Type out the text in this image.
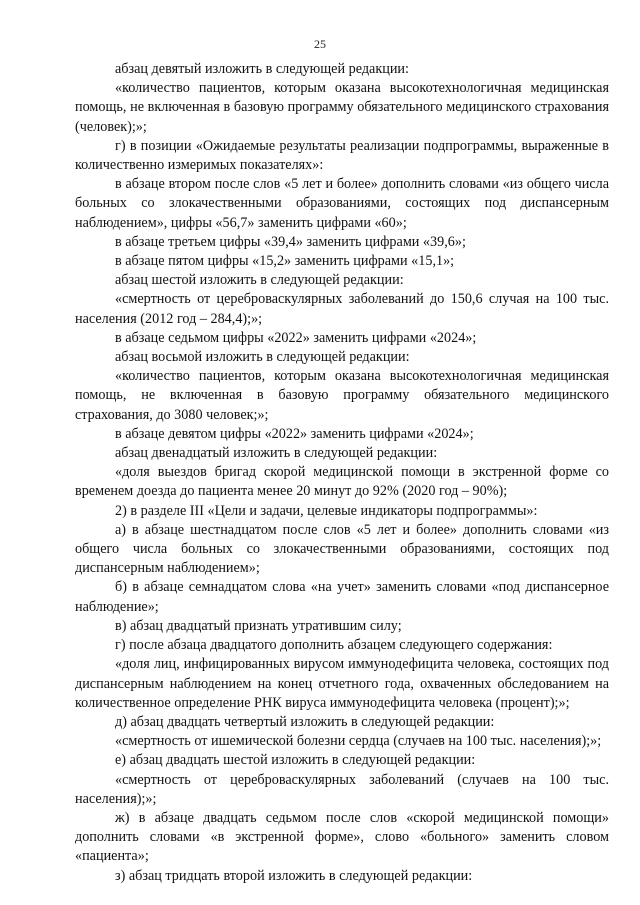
25

абзац девятый изложить в следующей редакции:

«количество пациентов, которым оказана высокотехнологичная медицинская помощь, не включенная в базовую программу обязательного медицинского страхования (человек);»;

г) в позиции «Ожидаемые результаты реализации подпрограммы, выраженные в количественно измеримых показателях»:

в абзаце втором после слов «5 лет и более» дополнить словами «из общего числа больных со злокачественными образованиями, состоящих под диспансерным наблюдением», цифры «56,7» заменить цифрами «60»;

в абзаце третьем цифры «39,4» заменить цифрами «39,6»;

в абзаце пятом цифры «15,2» заменить цифрами «15,1»;

абзац шестой изложить в следующей редакции:

«смертность от цереброваскулярных заболеваний до 150,6 случая на 100 тыс. населения (2012 год – 284,4);»;

в абзаце седьмом цифры «2022» заменить цифрами «2024»;

абзац восьмой изложить в следующей редакции:

«количество пациентов, которым оказана высокотехнологичная медицинская помощь, не включенная в базовую программу обязательного медицинского страхования, до 3080 человек;»;

в абзаце девятом цифры «2022» заменить цифрами «2024»;

абзац двенадцатый изложить в следующей редакции:

«доля выездов бригад скорой медицинской помощи в экстренной форме со временем доезда до пациента менее 20 минут до 92% (2020 год – 90%);

2) в разделе III «Цели и задачи, целевые индикаторы подпрограммы»:

а) в абзаце шестнадцатом после слов «5 лет и более» дополнить словами «из общего числа больных со злокачественными образованиями, состоящих под диспансерным наблюдением»;

б) в абзаце семнадцатом слова «на учет» заменить словами «под диспансерное наблюдение»;

в) абзац двадцатый признать утратившим силу;

г) после абзаца двадцатого дополнить абзацем следующего содержания:

«доля лиц, инфицированных вирусом иммунодефицита человека, состоящих под диспансерным наблюдением на конец отчетного года, охваченных обследованием на количественное определение РНК вируса иммунодефицита человека (процент);»;

д) абзац двадцать четвертый изложить в следующей редакции:

«смертность от ишемической болезни сердца (случаев на 100 тыс. населения);»;

е) абзац двадцать шестой изложить в следующей редакции:

«смертность от цереброваскулярных заболеваний (случаев на 100 тыс. населения);»;

ж) в абзаце двадцать седьмом после слов «скорой медицинской помощи» дополнить словами «в экстренной форме», слово «больного» заменить словом «пациента»;

з) абзац тридцать второй изложить в следующей редакции:
